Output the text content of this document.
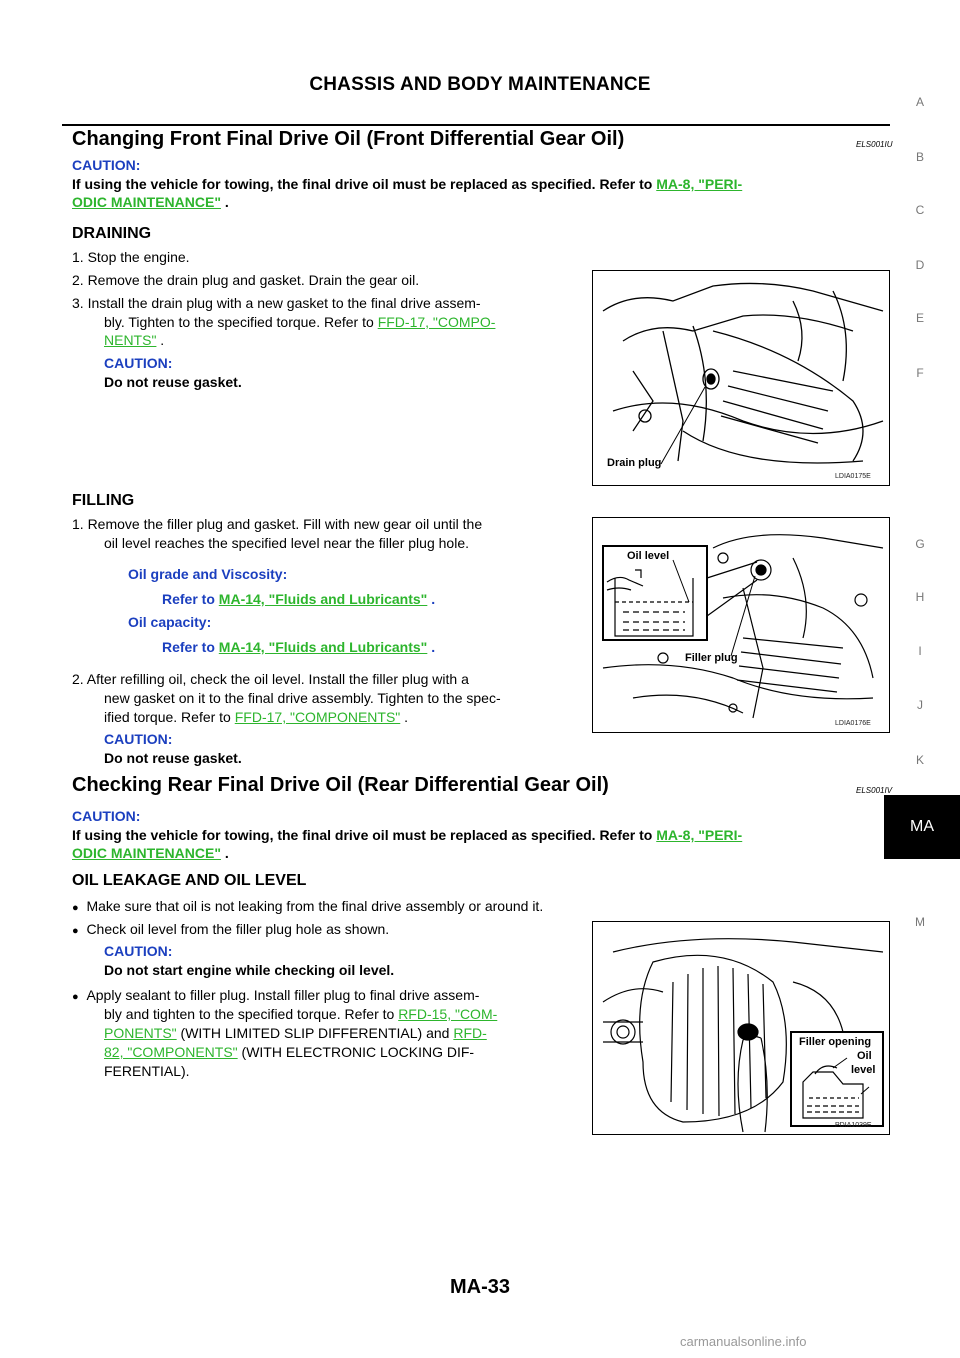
CHASSIS AND BODY MAINTENANCE
A
B
C
D
E
F
G
H
I
J
K
M
MA
Changing Front Final Drive Oil (Front Differential Gear Oil)	ELS001IU
CAUTION:
If using the vehicle for towing, the final drive oil must be replaced as specified. Refer to MA-8, "PERI-
ODIC MAINTENANCE" .
DRAINING
1. Stop the engine.
2. Remove the drain plug and gasket. Drain the gear oil.
3. Install the drain plug with a new gasket to the final drive assem-
bly. Tighten to the specified torque. Refer to FFD-17, "COMPO-
NENTS" .
CAUTION:
Do not reuse gasket.
Drain plug
LDIA0175E
FILLING
1. Remove the filler plug and gasket. Fill with new gear oil until the
oil level reaches the specified level near the filler plug hole.
Oil grade and Viscosity:
Refer to MA-14, "Fluids and Lubricants" .
Oil capacity:
Refer to MA-14, "Fluids and Lubricants" .
2. After refilling oil, check the oil level. Install the filler plug with a
new gasket on it to the final drive assembly. Tighten to the spec-
ified torque. Refer to FFD-17, "COMPONENTS" .
CAUTION:
Do not reuse gasket.
Oil level
Filler plug
LDIA0176E
Checking Rear Final Drive Oil (Rear Differential Gear Oil)	ELS001IV
CAUTION:
If using the vehicle for towing, the final drive oil must be replaced as specified. Refer to MA-8, "PERI-
ODIC MAINTENANCE" .
OIL LEAKAGE AND OIL LEVEL
● Make sure that oil is not leaking from the final drive assembly or around it.
● Check oil level from the filler plug hole as shown.
CAUTION:
Do not start engine while checking oil level.
● Apply sealant to filler plug. Install filler plug to final drive assem-
bly and tighten to the specified torque. Refer to RFD-15, "COM-
PONENTS" (WITH LIMITED SLIP DIFFERENTIAL) and RFD-
82, "COMPONENTS" (WITH ELECTRONIC LOCKING DIF-
FERENTIAL).
Filler opening
Oil
level
PDIA1039E
MA-33
carmanualsonline.info
